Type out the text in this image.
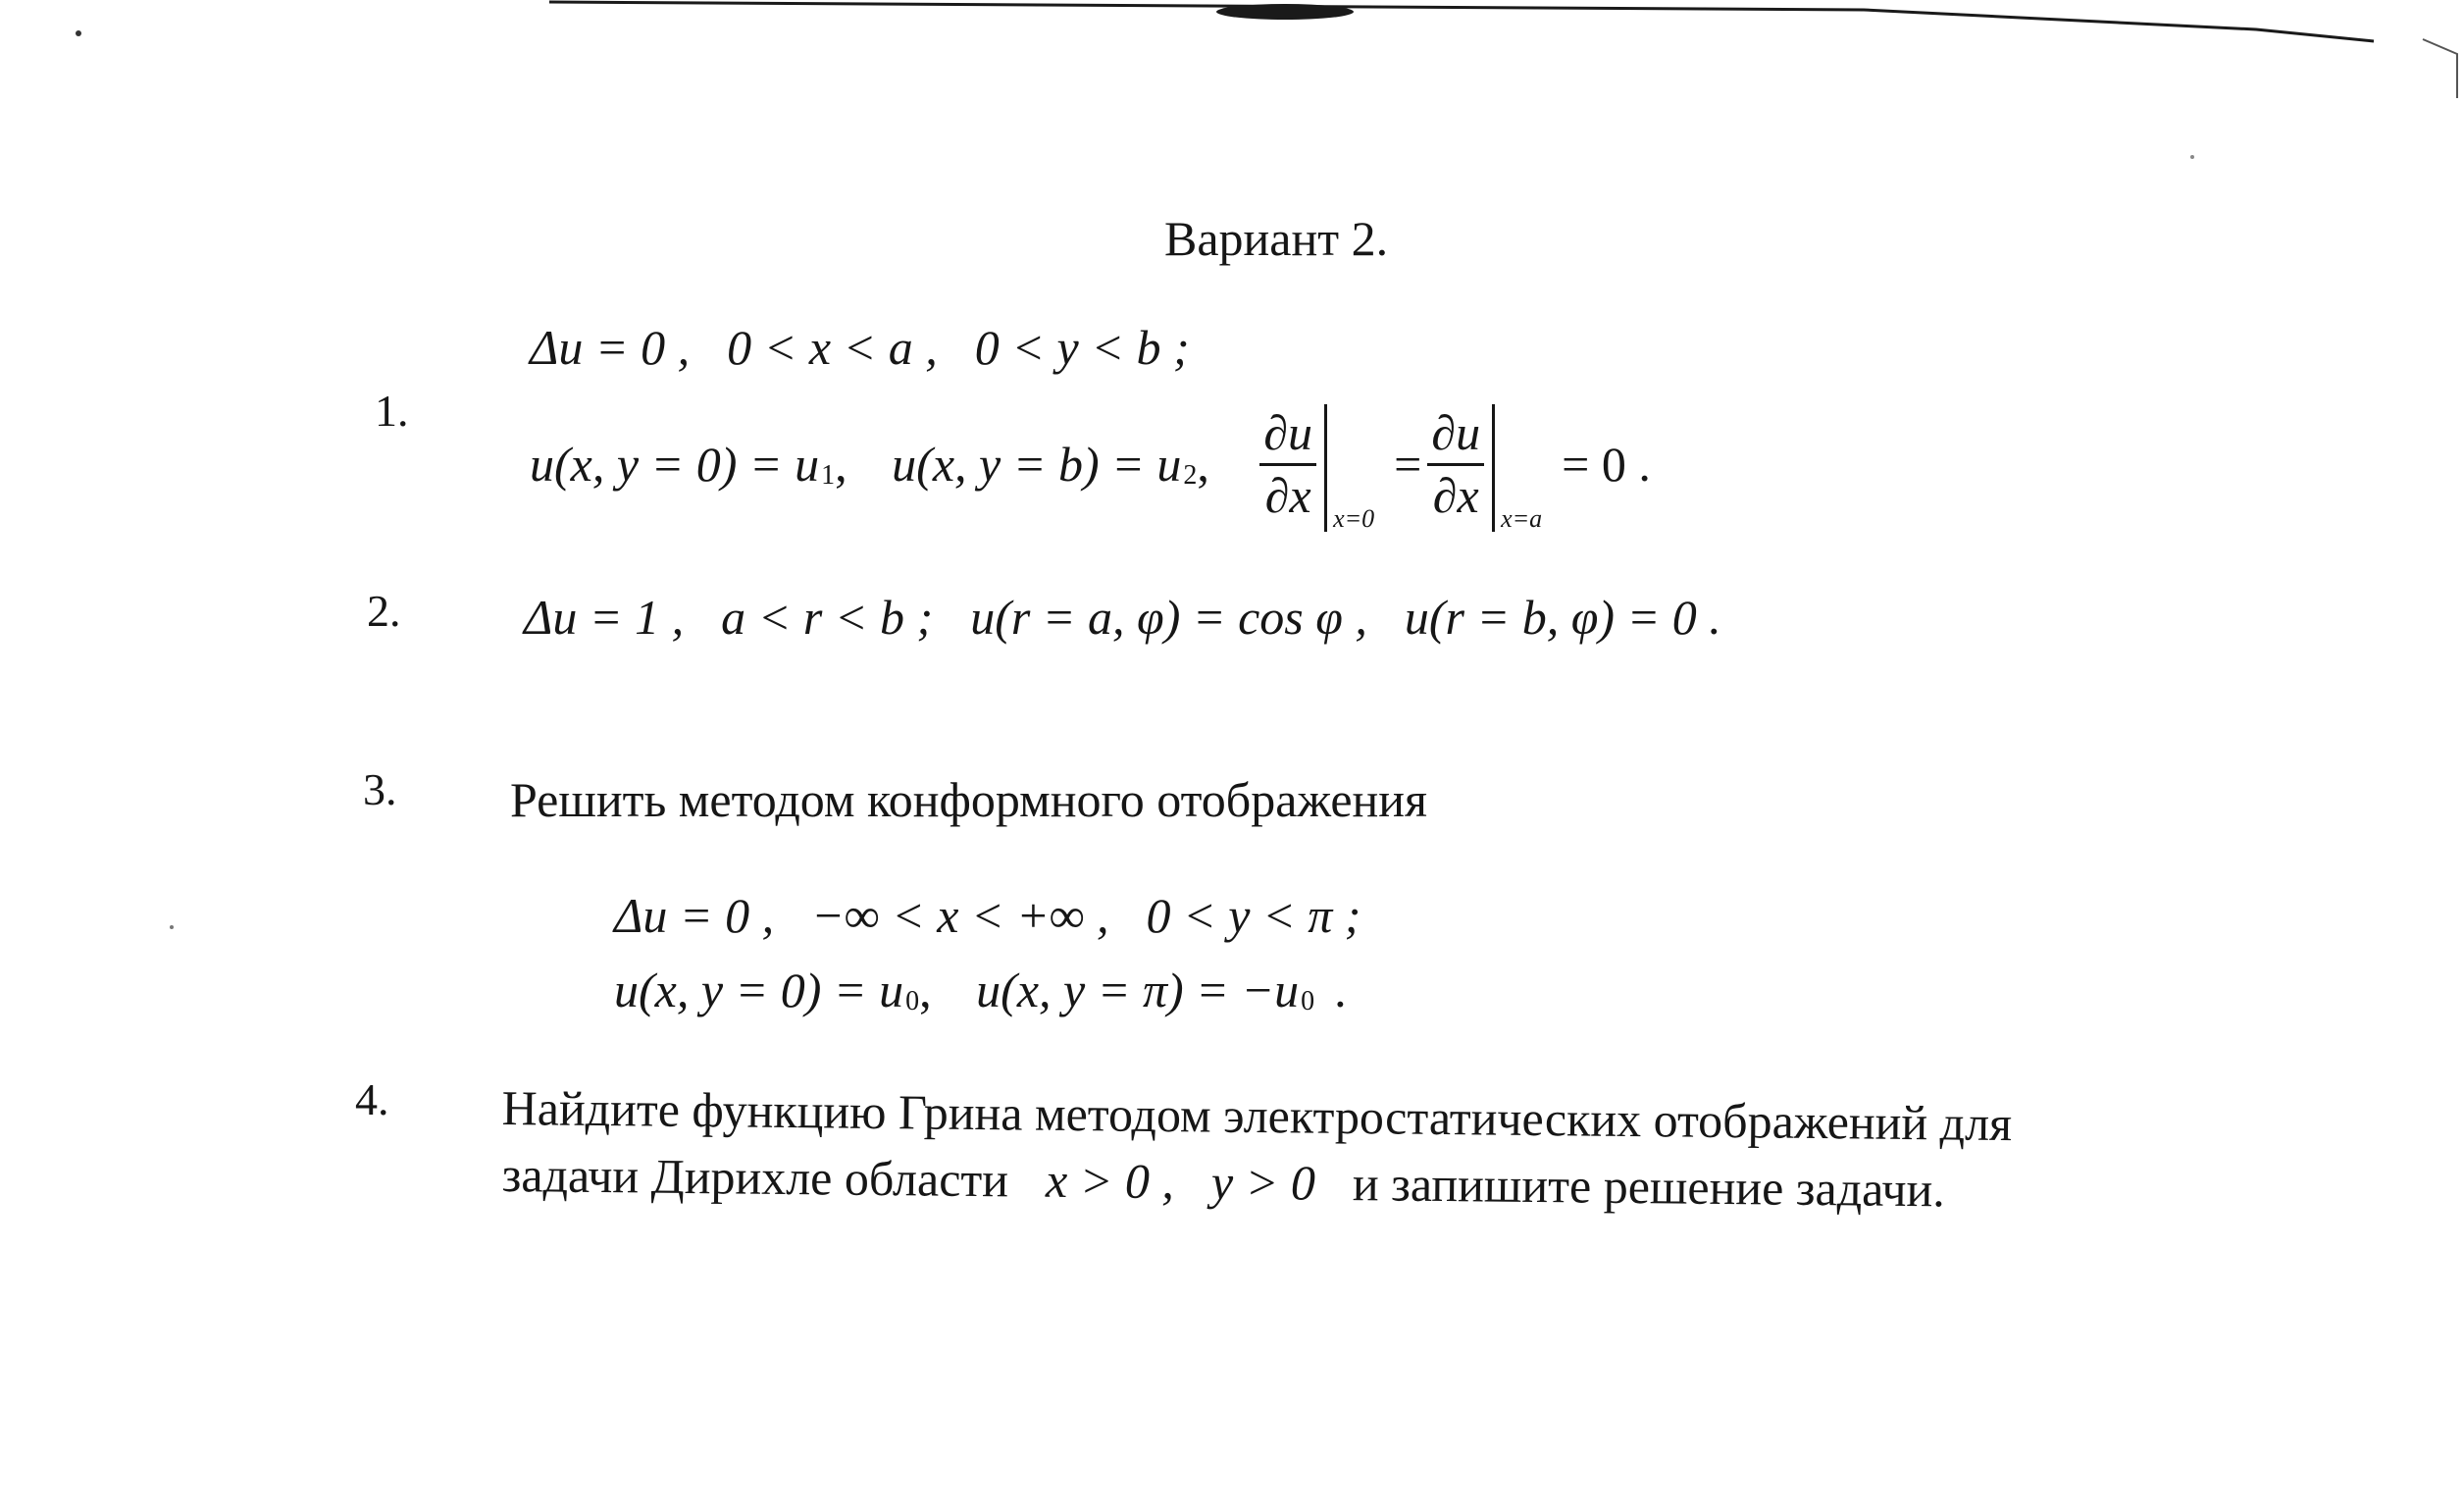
Вариант 2.
1.
Δu = 0 , 0 < x < a , 0 < y < b ;
u(x, y = 0) = u 1 , u(x, y = b) = u 2 , $\frac{\partial u}{\partial x} x=0$
= $\frac{\partial u}{\partial x} x=a$
= 0 .
2.	Δu = 1 , a < r < b ; u(r = a, φ) = cos φ , u(r = b, φ) = 0 .
3. Решить методом конформного отображения
Δu = 0 , −∞ < x < +∞ , 0 < y < π ;
u(x, y = 0) = u 0 , u(x, y = π) = −u 0 .
4. Найдите функцию Грина методом электростатических отображений для
задачи Дирихле области x > 0 , y > 0 и запишите решение задачи.
